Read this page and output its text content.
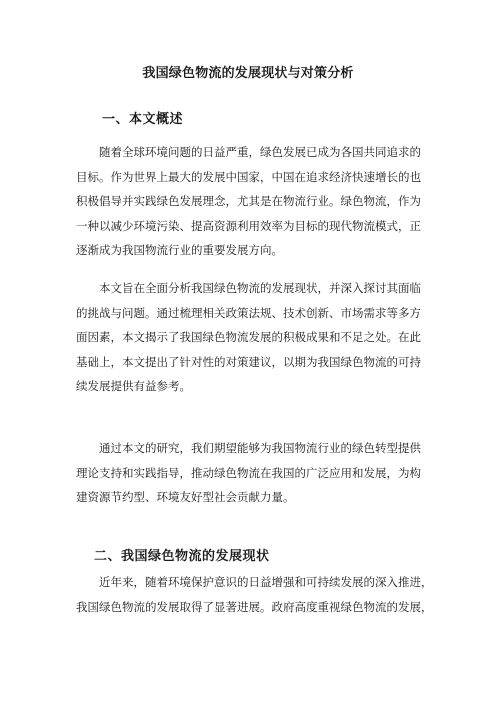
我国绿色物流的发展现状与对策分析
一、本文概述

随着全球环境问题的日益严重，绿色发展已成为各国共同追求的
目标。作为世界上最大的发展中国家，中国在追求经济快速增长的也
积极倡导并实践绿色发展理念，尤其是在物流行业。绿色物流，作为
一种以减少环境污染、提高资源利用效率为目标的现代物流模式，正
逐渐成为我国物流行业的重要发展方向。

本文旨在全面分析我国绿色物流的发展现状，并深入探讨其面临
的挑战与问题。通过梳理相关政策法规、技术创新、市场需求等多方
面因素，本文揭示了我国绿色物流发展的积极成果和不足之处。在此
基础上，本文提出了针对性的对策建议，以期为我国绿色物流的可持
续发展提供有益参考。

通过本文的研究，我们期望能够为我国物流行业的绿色转型提供
理论支持和实践指导，推动绿色物流在我国的广泛应用和发展，为构
建资源节约型、环境友好型社会贡献力量。

二、我国绿色物流的发展现状

近年来，随着环境保护意识的日益增强和可持续发展的深入推进，
我国绿色物流的发展取得了显著进展。政府高度重视绿色物流的发展，
